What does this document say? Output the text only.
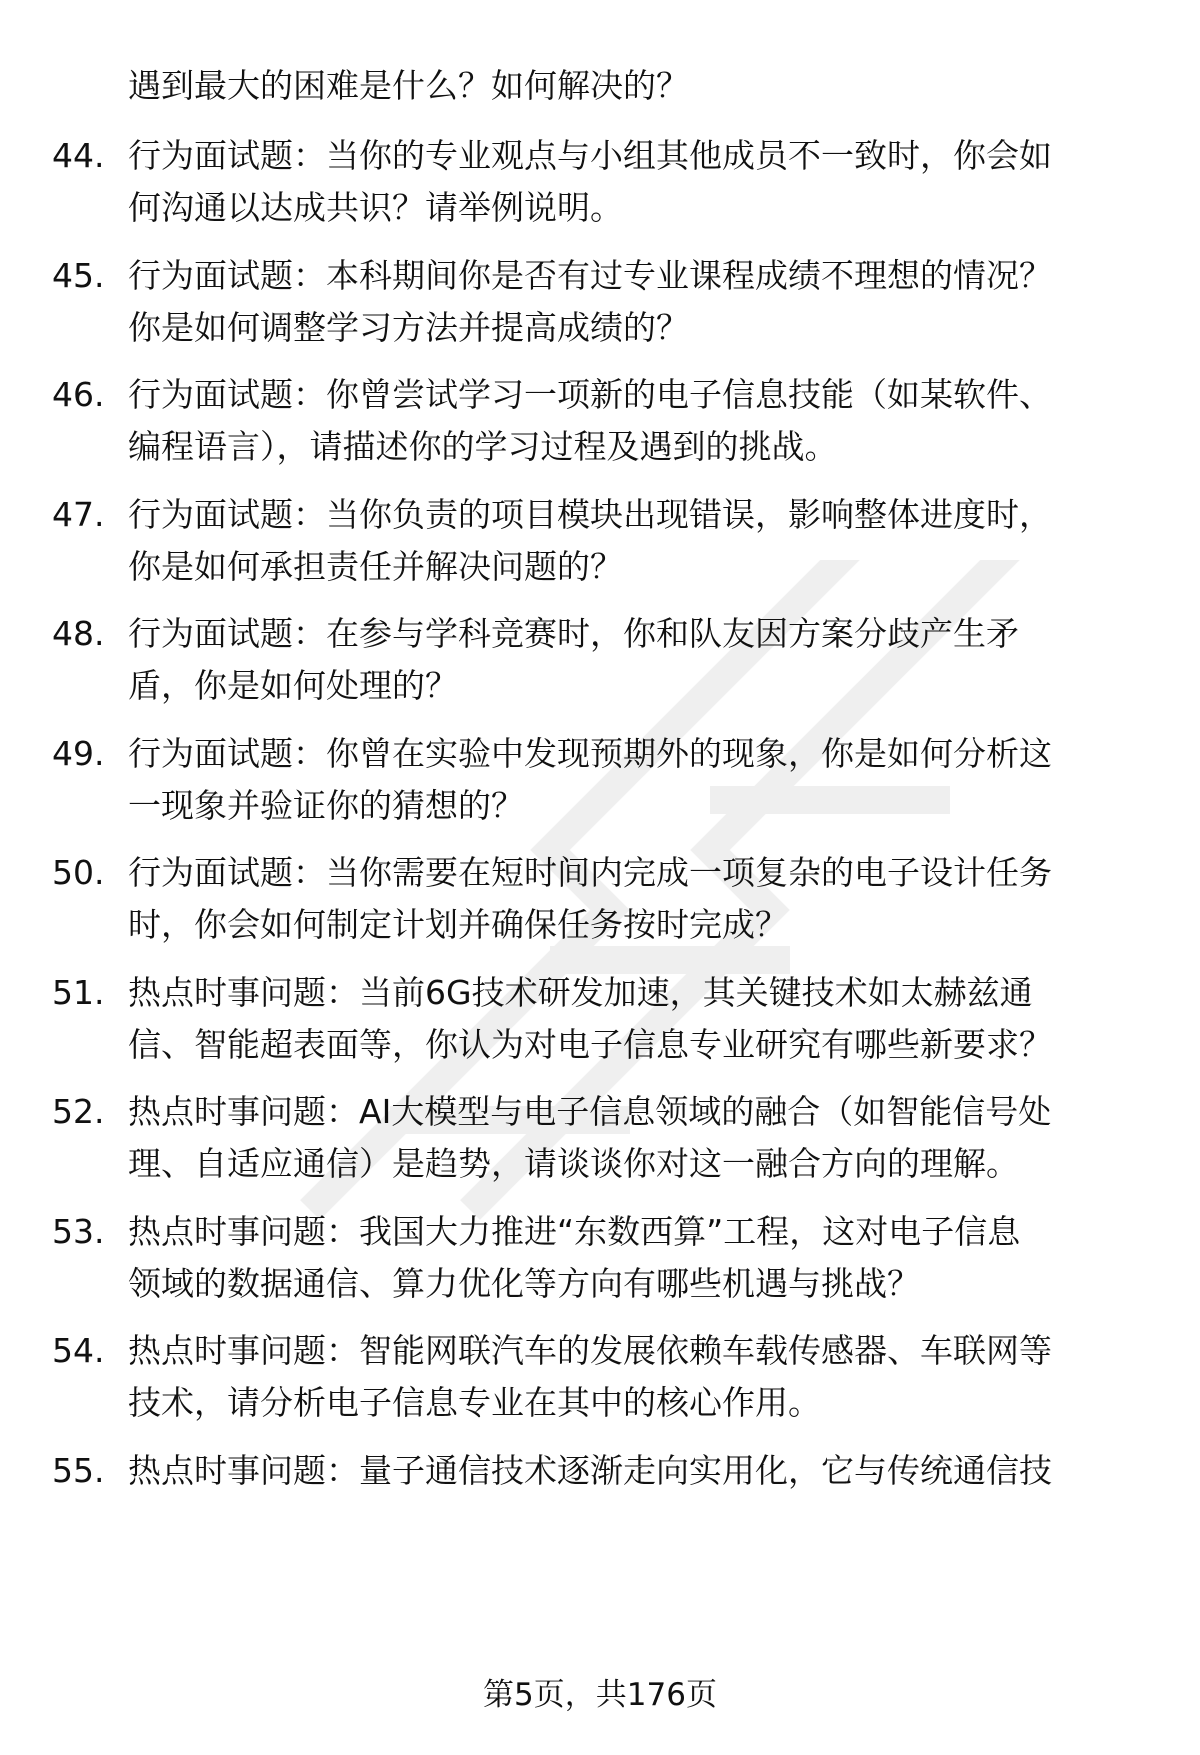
遇到最大的困难是什么？如何解决的？
44. 行为面试题：当你的专业观点与小组其他成员不一致时，你会如
何沟通以达成共识？请举例说明。
45. 行为面试题：本科期间你是否有过专业课程成绩不理想的情况？
你是如何调整学习方法并提高成绩的？
46. 行为面试题：你曾尝试学习一项新的电子信息技能（如某软件、
编程语言），请描述你的学习过程及遇到的挑战。
47. 行为面试题：当你负责的项目模块出现错误，影响整体进度时，
你是如何承担责任并解决问题的？
48. 行为面试题：在参与学科竞赛时，你和队友因方案分歧产生矛
盾，你是如何处理的？
49. 行为面试题：你曾在实验中发现预期外的现象，你是如何分析这
一现象并验证你的猜想的？
50. 行为面试题：当你需要在短时间内完成一项复杂的电子设计任务
时，你会如何制定计划并确保任务按时完成？
51. 热点时事问题：当前6G技术研发加速，其关键技术如太赫兹通
信、智能超表面等，你认为对电子信息专业研究有哪些新要求？
52. 热点时事问题：AI大模型与电子信息领域的融合（如智能信号处
理、自适应通信）是趋势，请谈谈你对这一融合方向的理解。
53. 热点时事问题：我国大力推进“东数西算”工程，这对电子信息
领域的数据通信、算力优化等方向有哪些机遇与挑战？
54. 热点时事问题：智能网联汽车的发展依赖车载传感器、车联网等
技术，请分析电子信息专业在其中的核心作用。
55. 热点时事问题：量子通信技术逐渐走向实用化，它与传统通信技
第5页，共176页
